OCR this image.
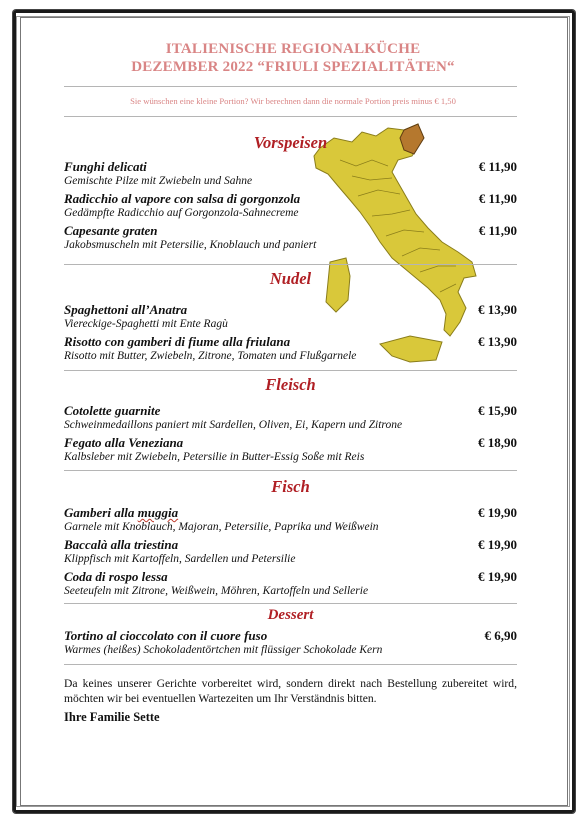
ITALIENISCHE REGIONALKÜCHE
DEZEMBER 2022 “FRIULI SPEZIALITÄTEN“
Sie wünschen eine kleine Portion? Wir berechnen dann die normale Portion preis minus € 1,50
Vorspeisen
Funghi delicati
Gemischte Pilze mit Zwiebeln und Sahne
€ 11,90
Radicchio al vapore con salsa di gorgonzola
Gedämpfte Radicchio auf Gorgonzola-Sahnecreme
€ 11,90
Capesante graten
Jakobsmuscheln mit Petersilie, Knoblauch und paniert
€ 11,90
Nudel
Spaghettoni all’Anatra
Viereckige-Spaghetti mit Ente Ragù
€ 13,90
Risotto con gamberi di fiume alla friulana
Risotto mit Butter, Zwiebeln, Zitrone, Tomaten und Flußgarnele
€ 13,90
Fleisch
Cotolette guarnite
Schweinmedaillons paniert mit Sardellen, Oliven, Ei, Kapern und Zitrone
€ 15,90
Fegato alla Veneziana
Kalbsleber mit Zwiebeln, Petersilie in Butter-Essig Soße mit Reis
€ 18,90
Fisch
Gamberi alla muggia
Garnele mit Knoblauch, Majoran, Petersilie, Paprika und Weißwein
€ 19,90
Baccalà alla triestina
Klippfisch mit Kartoffeln, Sardellen und Petersilie
€ 19,90
Coda di rospo lessa
Seeteufeln mit Zitrone, Weißwein, Möhren, Kartoffeln und Sellerie
€ 19,90
Dessert
Tortino al cioccolato con il cuore fuso
Warmes (heißes) Schokoladentörtchen mit flüssiger Schokolade Kern
€ 6,90
Da keines unserer Gerichte vorbereitet wird, sondern direkt nach Bestellung zubereitet wird, möchten wir bei eventuellen Wartezeiten um Ihr Verständnis bitten.
Ihre Familie Sette
